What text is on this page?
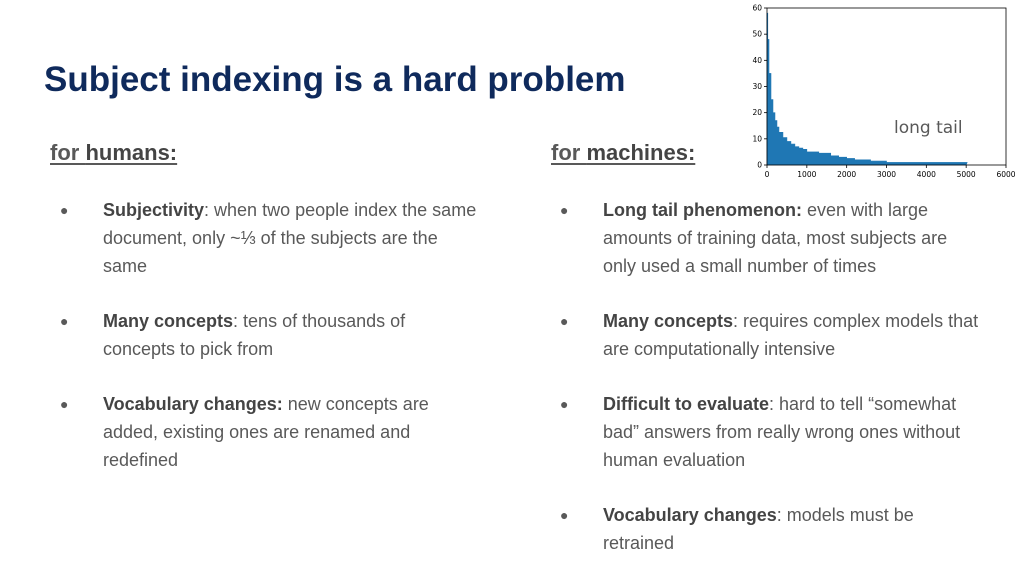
Subject indexing is a hard problem
for humans:	for machines:
● Subjectivity: when two people index the same document, only ~⅓ of the subjects are the same
● Many concepts: tens of thousands of concepts to pick from
● Vocabulary changes: new concepts are added, existing ones are renamed and redefined
● Long tail phenomenon: even with large amounts of training data, most subjects are only used a small number of times
● Many concepts: requires complex models that are computationally intensive
● Difficult to evaluate: hard to tell “somewhat bad” answers from really wrong ones without human evaluation
● Vocabulary changes: models must be retrained
0	1000	2000	3000	4000	5000	6000
0
10
20
30
40
50
60
long tail
